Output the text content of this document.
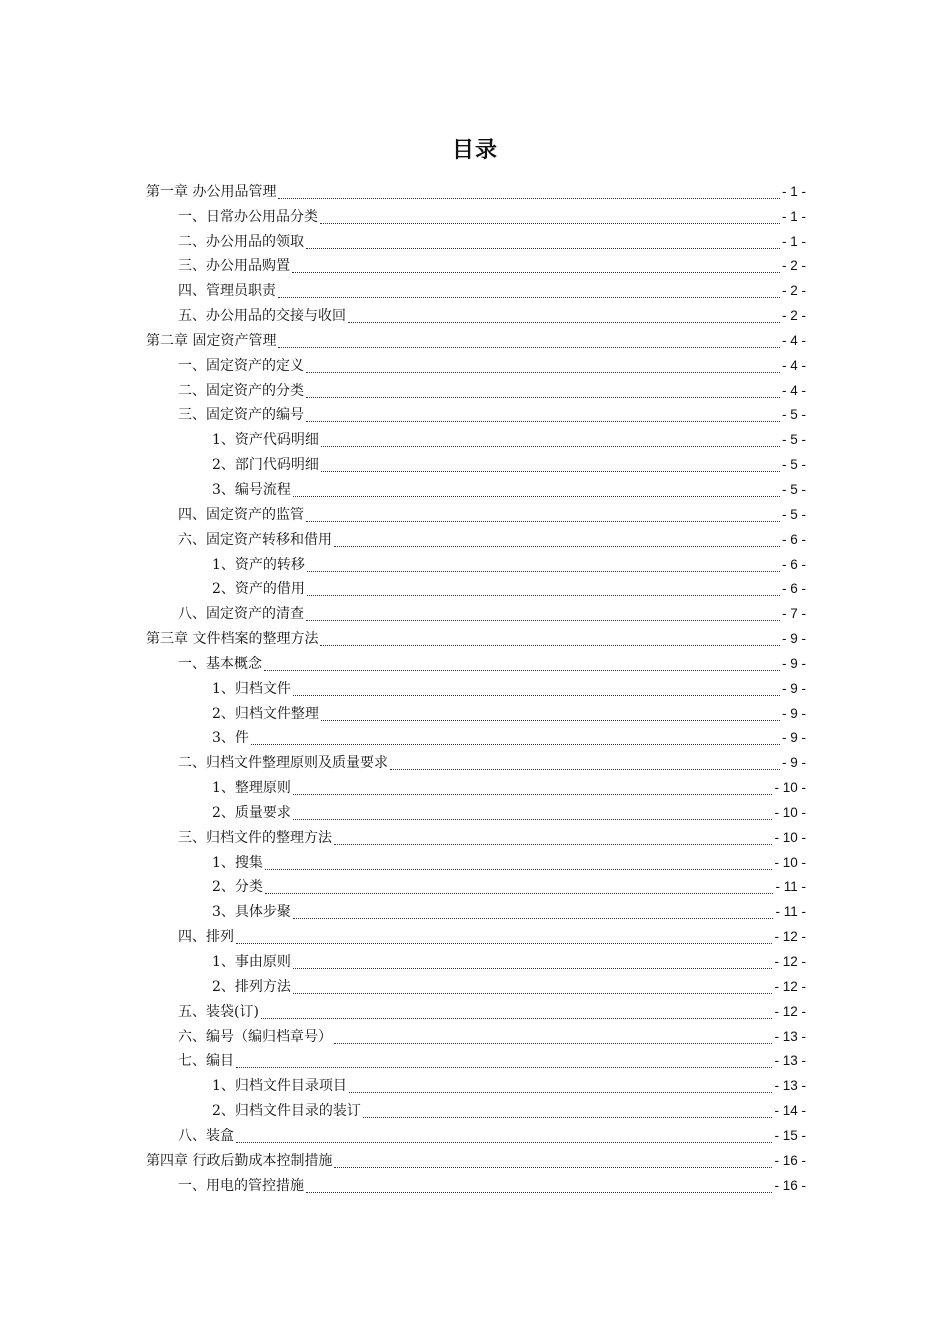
目录
第一章 办公用品管理	- 1 -
一、日常办公用品分类	- 1 -
二、办公用品的领取	- 1 -
三、办公用品购置	- 2 -
四、管理员职责	- 2 -
五、办公用品的交接与收回	- 2 -
第二章 固定资产管理	- 4 -
一、固定资产的定义	- 4 -
二、固定资产的分类	- 4 -
三、固定资产的编号	- 5 -
1、资产代码明细	- 5 -
2、部门代码明细	- 5 -
3、编号流程	- 5 -
四、固定资产的监管	- 5 -
六、固定资产转移和借用	- 6 -
1、资产的转移	- 6 -
2、资产的借用	- 6 -
八、固定资产的清查	- 7 -
第三章 文件档案的整理方法	- 9 -
一、基本概念	- 9 -
1、归档文件	- 9 -
2、归档文件整理	- 9 -
3、件	- 9 -
二、归档文件整理原则及质量要求	- 9 -
1、整理原则	- 10 -
2、质量要求	- 10 -
三、归档文件的整理方法	- 10 -
1、搜集	- 10 -
2、分类	- 11 -
3、具体步聚	- 11 -
四、排列	- 12 -
1、事由原则	- 12 -
2、排列方法	- 12 -
五、装袋(订)	- 12 -
六、编号（编归档章号）	- 13 -
七、编目	- 13 -
1、归档文件目录项目	- 13 -
2、归档文件目录的装订	- 14 -
八、装盒	- 15 -
第四章 行政后勤成本控制措施	- 16 -
一、用电的管控措施	- 16 -
